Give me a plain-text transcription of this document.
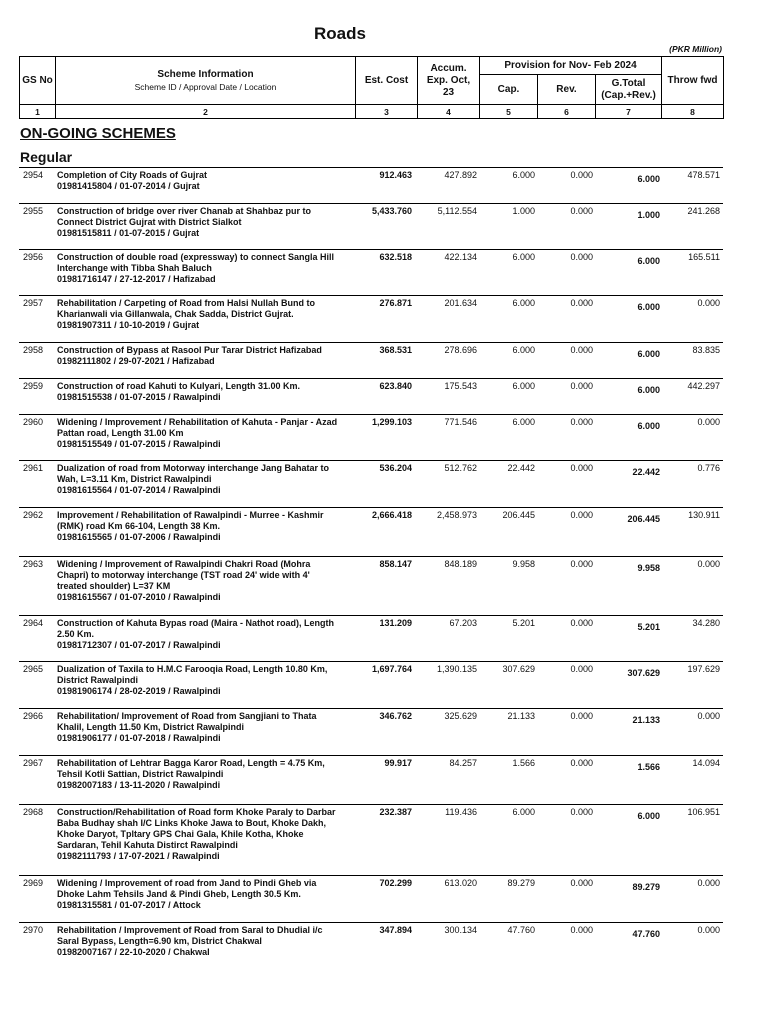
Roads
(PKR Million)
GS No	Scheme Information
Scheme ID / Approval Date / Location	Est. Cost	Accum. Exp. Oct, 23	Provision for Nov- Feb 2024			Throw fwd
				Cap.	Rev.	G.Total (Cap.+Rev.)	
1	2	3	4	5	6	7	8
ON-GOING SCHEMES
Regular
2954	Completion of City Roads of Gujrat
01981415804 / 01-07-2014 / Gujrat
912.463	427.892	6.000	0.000	6.000	478.571
2955	Construction of bridge over river Chanab at Shahbaz pur to
Connect District Gujrat with District Sialkot
01981515811 / 01-07-2015 / Gujrat
5,433.760	5,112.554	1.000	0.000	1.000	241.268
2956	Construction of double road (expressway) to connect Sangla Hill
Interchange with Tibba Shah Baluch
01981716147 / 27-12-2017 / Hafizabad
632.518	422.134	6.000	0.000	6.000	165.511
2957	Rehabilitation / Carpeting of Road from Halsi Nullah Bund to
Kharianwali via Gillanwala, Chak Sadda, District Gujrat.
01981907311 / 10-10-2019 / Gujrat
276.871	201.634	6.000	0.000	6.000	0.000
2958	Construction of Bypass at Rasool Pur Tarar District Hafizabad
01982111802 / 29-07-2021 / Hafizabad
368.531	278.696	6.000	0.000	6.000	83.835
2959	Construction of road Kahuti to Kulyari, Length 31.00 Km.
01981515538 / 01-07-2015 / Rawalpindi
623.840	175.543	6.000	0.000	6.000	442.297
2960	Widening / Improvement / Rehabilitation of Kahuta - Panjar - Azad
Pattan road, Length 31.00 Km
01981515549 / 01-07-2015 / Rawalpindi
1,299.103	771.546	6.000	0.000	6.000	0.000
2961	Dualization of road from Motorway interchange Jang Bahatar to
Wah, L=3.11 Km, District Rawalpindi
01981615564 / 01-07-2014 / Rawalpindi
536.204	512.762	22.442	0.000	22.442	0.776
2962	Improvement / Rehabilitation of Rawalpindi - Murree - Kashmir
(RMK) road Km 66-104, Length 38 Km.
01981615565 / 01-07-2006 / Rawalpindi
2,666.418	2,458.973	206.445	0.000	206.445	130.911
2963	Widening / Improvement of Rawalpindi Chakri Road (Mohra
Chapri) to motorway interchange (TST road 24' wide with 4'
treated shoulder) L=37 KM
01981615567 / 01-07-2010 / Rawalpindi
858.147	848.189	9.958	0.000	9.958	0.000
2964	Construction of Kahuta Bypas road (Maira - Nathot road), Length
2.50 Km.
01981712307 / 01-07-2017 / Rawalpindi
131.209	67.203	5.201	0.000	5.201	34.280
2965	Dualization of Taxila to H.M.C Farooqia Road, Length 10.80 Km,
District Rawalpindi
01981906174 / 28-02-2019 / Rawalpindi
1,697.764	1,390.135	307.629	0.000	307.629	197.629
2966	Rehabilitation/ Improvement of Road from Sangjiani to Thata
Khalil, Length 11.50 Km, District Rawalpindi
01981906177 / 01-07-2018 / Rawalpindi
346.762	325.629	21.133	0.000	21.133	0.000
2967	Rehabilitation of Lehtrar Bagga Karor Road, Length = 4.75 Km,
Tehsil Kotli Sattian, District Rawalpindi
01982007183 / 13-11-2020 / Rawalpindi
99.917	84.257	1.566	0.000	1.566	14.094
2968	Construction/Rehabilitation of Road form Khoke Paraly to Darbar
Baba Budhay shah I/C Links Khoke Jawa to Bout, Khoke Dakh,
Khoke Daryot, Tpltary GPS Chai Gala, Khile Kotha, Khoke
Sardaran, Tehil Kahuta Distirct Rawalpindi
01982111793 / 17-07-2021 / Rawalpindi
232.387	119.436	6.000	0.000	6.000	106.951
2969	Widening / Improvement of road from Jand to Pindi Gheb via
Dhoke Lahm Tehsils Jand & Pindi Gheb, Length 30.5 Km.
01981315581 / 01-07-2017 / Attock
702.299	613.020	89.279	0.000	89.279	0.000
2970	Rehabilitation / Improvement of Road from Saral to Dhudial i/c
Saral Bypass, Length=6.90 km, District Chakwal
01982007167 / 22-10-2020 / Chakwal
347.894	300.134	47.760	0.000	47.760	0.000
